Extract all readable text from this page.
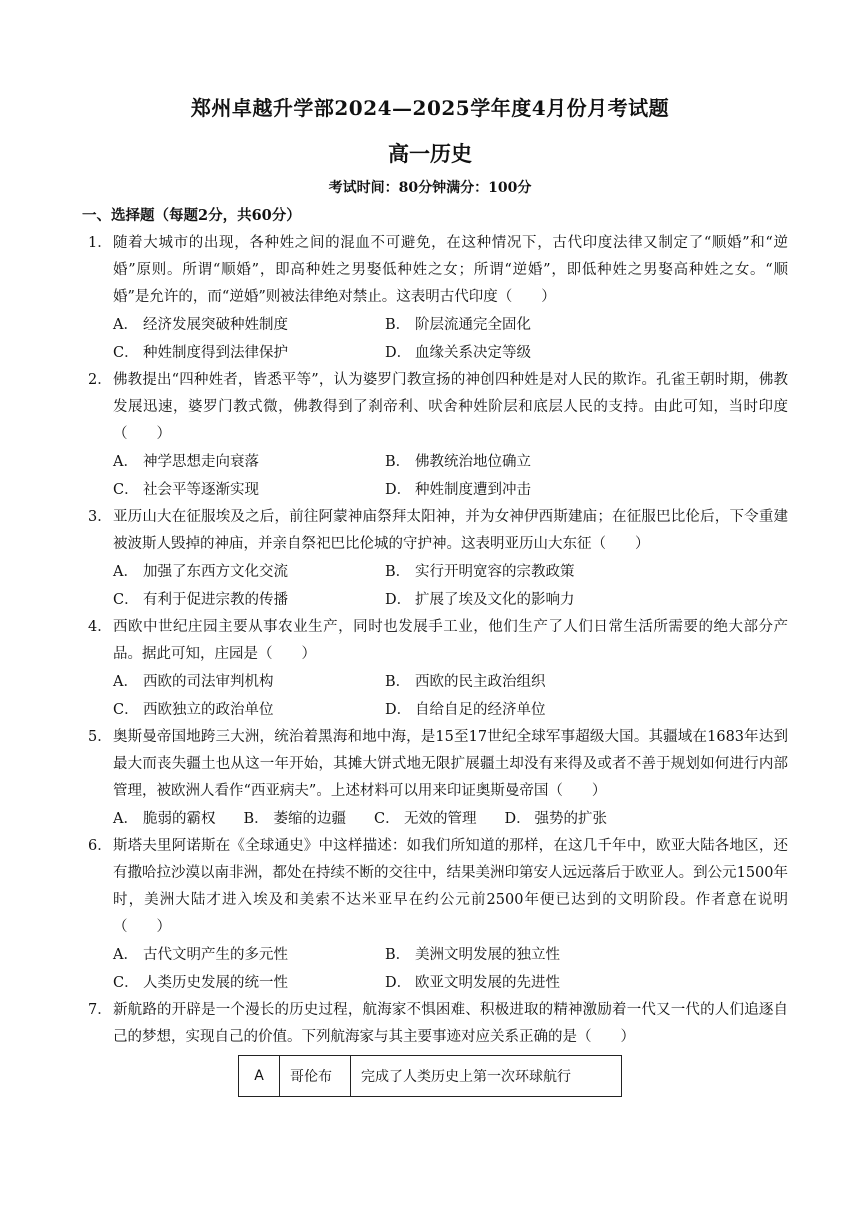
郑州卓越升学部2024—2025学年度4月份月考试题
高一历史
考试时间：80分钟满分：100分
一、选择题（每题2分，共60分）
1． 随着大城市的出现，各种姓之间的混血不可避免，在这种情况下，古代印度法律又制定了“顺婚”和“逆婚”原则。所谓“顺婚”，即高种姓之男娶低种姓之女；所谓“逆婚”，即低种姓之男娶高种姓之女。“顺婚”是允许的，而“逆婚”则被法律绝对禁止。这表明古代印度（　　）
A． 经济发展突破种姓制度	B． 阶层流通完全固化
C． 种姓制度得到法律保护	D． 血缘关系决定等级
2． 佛教提出“四种姓者，皆悉平等”，认为婆罗门教宣扬的神创四种姓是对人民的欺诈。孔雀王朝时期，佛教发展迅速，婆罗门教式微，佛教得到了刹帝利、吠舍种姓阶层和底层人民的支持。由此可知，当时印度（　　）
A． 神学思想走向衰落	B． 佛教统治地位确立
C． 社会平等逐渐实现	D． 种姓制度遭到冲击
3． 亚历山大在征服埃及之后，前往阿蒙神庙祭拜太阳神，并为女神伊西斯建庙；在征服巴比伦后，下令重建被波斯人毁掉的神庙，并亲自祭祀巴比伦城的守护神。这表明亚历山大东征（　　）
A． 加强了东西方文化交流	B． 实行开明宽容的宗教政策
C． 有利于促进宗教的传播	D． 扩展了埃及文化的影响力
4． 西欧中世纪庄园主要从事农业生产，同时也发展手工业，他们生产了人们日常生活所需要的绝大部分产品。据此可知，庄园是（　　）
A． 西欧的司法审判机构	B． 西欧的民主政治组织
C． 西欧独立的政治单位	D． 自给自足的经济单位
5． 奥斯曼帝国地跨三大洲，统治着黑海和地中海，是15至17世纪全球军事超级大国。其疆域在1683年达到最大而丧失疆土也从这一年开始，其摊大饼式地无限扩展疆土却没有来得及或者不善于规划如何进行内部管理，被欧洲人看作“西亚病夫”。上述材料可以用来印证奥斯曼帝国（　　）
A． 脆弱的霸权 B． 萎缩的边疆 C． 无效的管理 D． 强势的扩张
6． 斯塔夫里阿诺斯在《全球通史》中这样描述：如我们所知道的那样，在这几千年中，欧亚大陆各地区，还有撒哈拉沙漠以南非洲，都处在持续不断的交往中，结果美洲印第安人远远落后于欧亚人。到公元1500年时，美洲大陆才进入埃及和美索不达米亚早在约公元前2500年便已达到的文明阶段。作者意在说明（　　）
A． 古代文明产生的多元性	B． 美洲文明发展的独立性
C． 人类历史发展的统一性	D． 欧亚文明发展的先进性
7． 新航路的开辟是一个漫长的历史过程，航海家不惧困难、积极进取的精神激励着一代又一代的人们追逐自己的梦想，实现自己的价值。下列航海家与其主要事迹对应关系正确的是（　　）
A	哥伦布	完成了人类历史上第一次环球航行
